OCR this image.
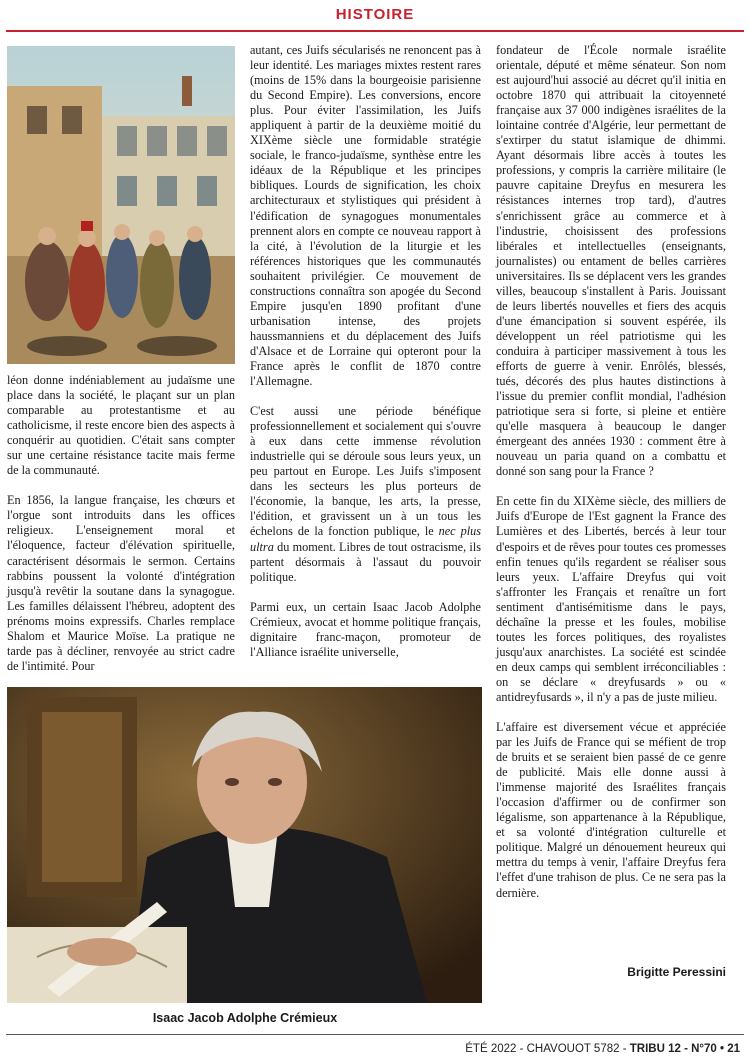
HISTOIRE

léon donne indéniablement au judaïsme une place dans la société, le plaçant sur un plan comparable au protestantisme et au catholicisme, il reste encore bien des aspects à conquérir au quotidien. C'était sans compter sur une certaine résistance tacite mais ferme de la communauté.

En 1856, la langue française, les chœurs et l'orgue sont introduits dans les offices religieux. L'enseignement moral et l'éloquence, facteur d'élévation spirituelle, caractérisent désormais le sermon. Certains rabbins poussent la volonté d'intégration jusqu'à revêtir la soutane dans la synagogue. Les familles délaissent l'hébreu, adoptent des prénoms moins expressifs. Charles remplace Shalom et Maurice Moïse. La pratique ne tarde pas à décliner, renvoyée au strict cadre de l'intimité. Pour

autant, ces Juifs sécularisés ne renoncent pas à leur identité. Les mariages mixtes restent rares (moins de 15% dans la bourgeoisie parisienne du Second Empire). Les conversions, encore plus. Pour éviter l'assimilation, les Juifs appliquent à partir de la deuxième moitié du XIXème siècle une formidable stratégie sociale, le franco-judaïsme, synthèse entre les idéaux de la République et les principes bibliques. Lourds de signification, les choix architecturaux et stylistiques qui président à l'édification de synagogues monumentales prennent alors en compte ce nouveau rapport à la cité, à l'évolution de la liturgie et les références historiques que les communautés souhaitent privilégier. Ce mouvement de constructions connaîtra son apogée du Second Empire jusqu'en 1890 profitant d'une urbanisation intense, des projets haussmanniens et du déplacement des Juifs d'Alsace et de Lorraine qui opteront pour la France après le conflit de 1870 contre l'Allemagne.

C'est aussi une période bénéfique professionnellement et socialement qui s'ouvre à eux dans cette immense révolution industrielle qui se déroule sous leurs yeux, un peu partout en Europe. Les Juifs s'imposent dans les secteurs les plus porteurs de l'économie, la banque, les arts, la presse, l'édition, et gravissent un à un tous les échelons de la fonction publique, le nec plus ultra du moment. Libres de tout ostracisme, ils partent désormais à l'assaut du pouvoir politique.

Parmi eux, un certain Isaac Jacob Adolphe Crémieux, avocat et homme politique français, dignitaire franc-maçon, promoteur de l'Alliance israélite universelle,

fondateur de l'École normale israélite orientale, député et même sénateur. Son nom est aujourd'hui associé au décret qu'il initia en octobre 1870 qui attribuait la citoyenneté française aux 37 000 indigènes israélites de la lointaine contrée d'Algérie, leur permettant de s'extirper du statut islamique de dhimmi. Ayant désormais libre accès à toutes les professions, y compris la carrière militaire (le pauvre capitaine Dreyfus en mesurera les résistances internes trop tard), d'autres s'enrichissent grâce au commerce et à l'industrie, choisissent des professions libérales et intellectuelles (enseignants, journalistes) ou entament de belles carrières universitaires. Ils se déplacent vers les grandes villes, beaucoup s'installent à Paris. Jouissant de leurs libertés nouvelles et fiers des acquis d'une émancipation si souvent espérée, ils développent un réel patriotisme qui les conduira à participer massivement à tous les efforts de guerre à venir. Enrôlés, blessés, tués, décorés des plus hautes distinctions à l'issue du premier conflit mondial, l'adhésion patriotique sera si forte, si pleine et entière qu'elle masquera à beaucoup le danger émergeant des années 1930 : comment être à nouveau un paria quand on a combattu et donné son sang pour la France ?

En cette fin du XIXème siècle, des milliers de Juifs d'Europe de l'Est gagnent la France des Lumières et des Libertés, bercés à leur tour d'espoirs et de rêves pour toutes ces promesses enfin tenues qu'ils regardent se réaliser sous leurs yeux. L'affaire Dreyfus qui voit s'affronter les Français et renaître un fort sentiment d'antisémitisme dans le pays, déchaîne la presse et les foules, mobilise toutes les forces politiques, des royalistes jusqu'aux anarchistes. La société est scindée en deux camps qui semblent irréconciliables : on se déclare « dreyfusards » ou « antidreyfusards », il n'y a pas de juste milieu.

L'affaire est diversement vécue et appréciée par les Juifs de France qui se méfient de trop de bruits et se seraient bien passé de ce genre de publicité. Mais elle donne aussi à l'immense majorité des Israélites français l'occasion d'affirmer ou de confirmer son légalisme, son appartenance à la République, et sa volonté d'intégration culturelle et politique. Malgré un dénouement heureux qui mettra du temps à venir, l'affaire Dreyfus fera l'effet d'une trahison de plus. Ce ne sera pas la dernière.

Brigitte Peressini
Isaac Jacob Adolphe Crémieux
ÉTÉ 2022 - CHAVOUOT 5782 - TRIBU 12 - N°70 • 21
